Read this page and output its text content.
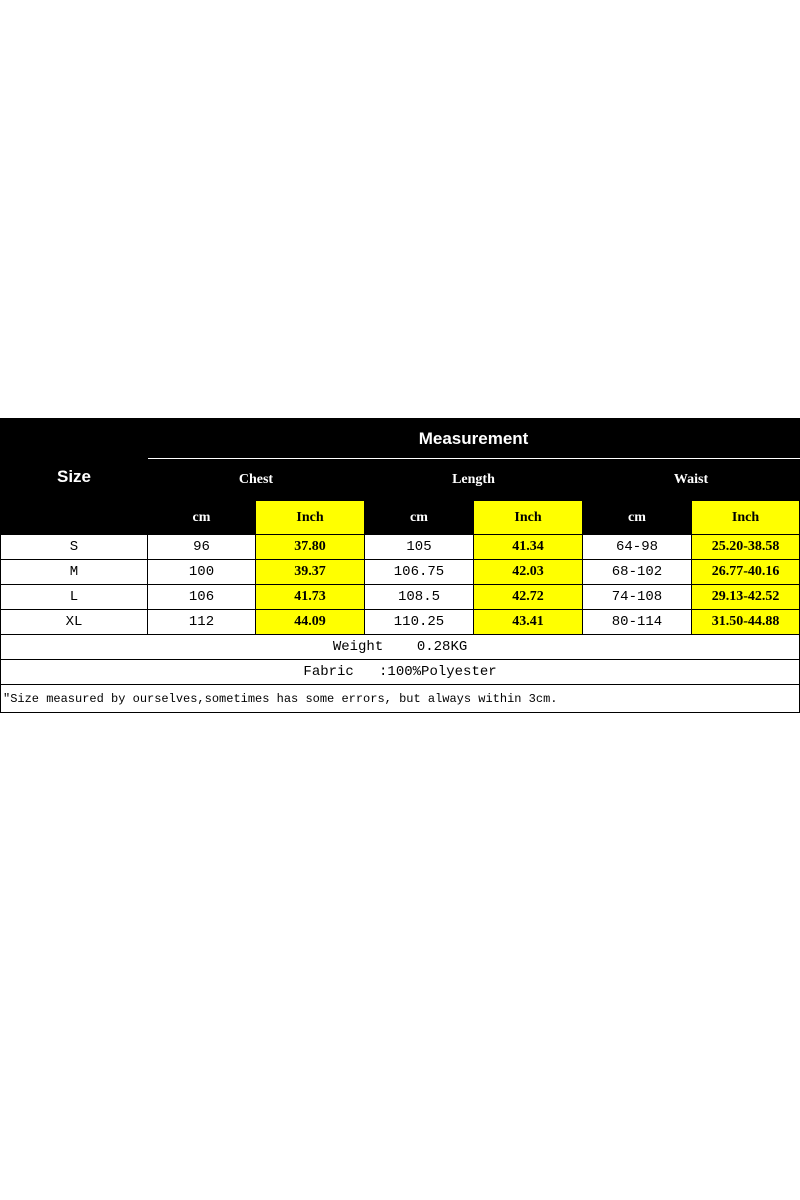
Size	Measurement					
	Chest		Length		Waist	
	cm	Inch	cm	Inch	cm	Inch
S	96	37.80	105	41.34	64-98	25.20-38.58
M	100	39.37	106.75	42.03	68-102	26.77-40.16
L	106	41.73	108.5	42.72	74-108	29.13-42.52
XL	112	44.09	110.25	43.41	80-114	31.50-44.88
Weight    0.28KG						
Fabric   :100%Polyester						
"Size measured by ourselves,sometimes has some errors, but always within 3cm.						
